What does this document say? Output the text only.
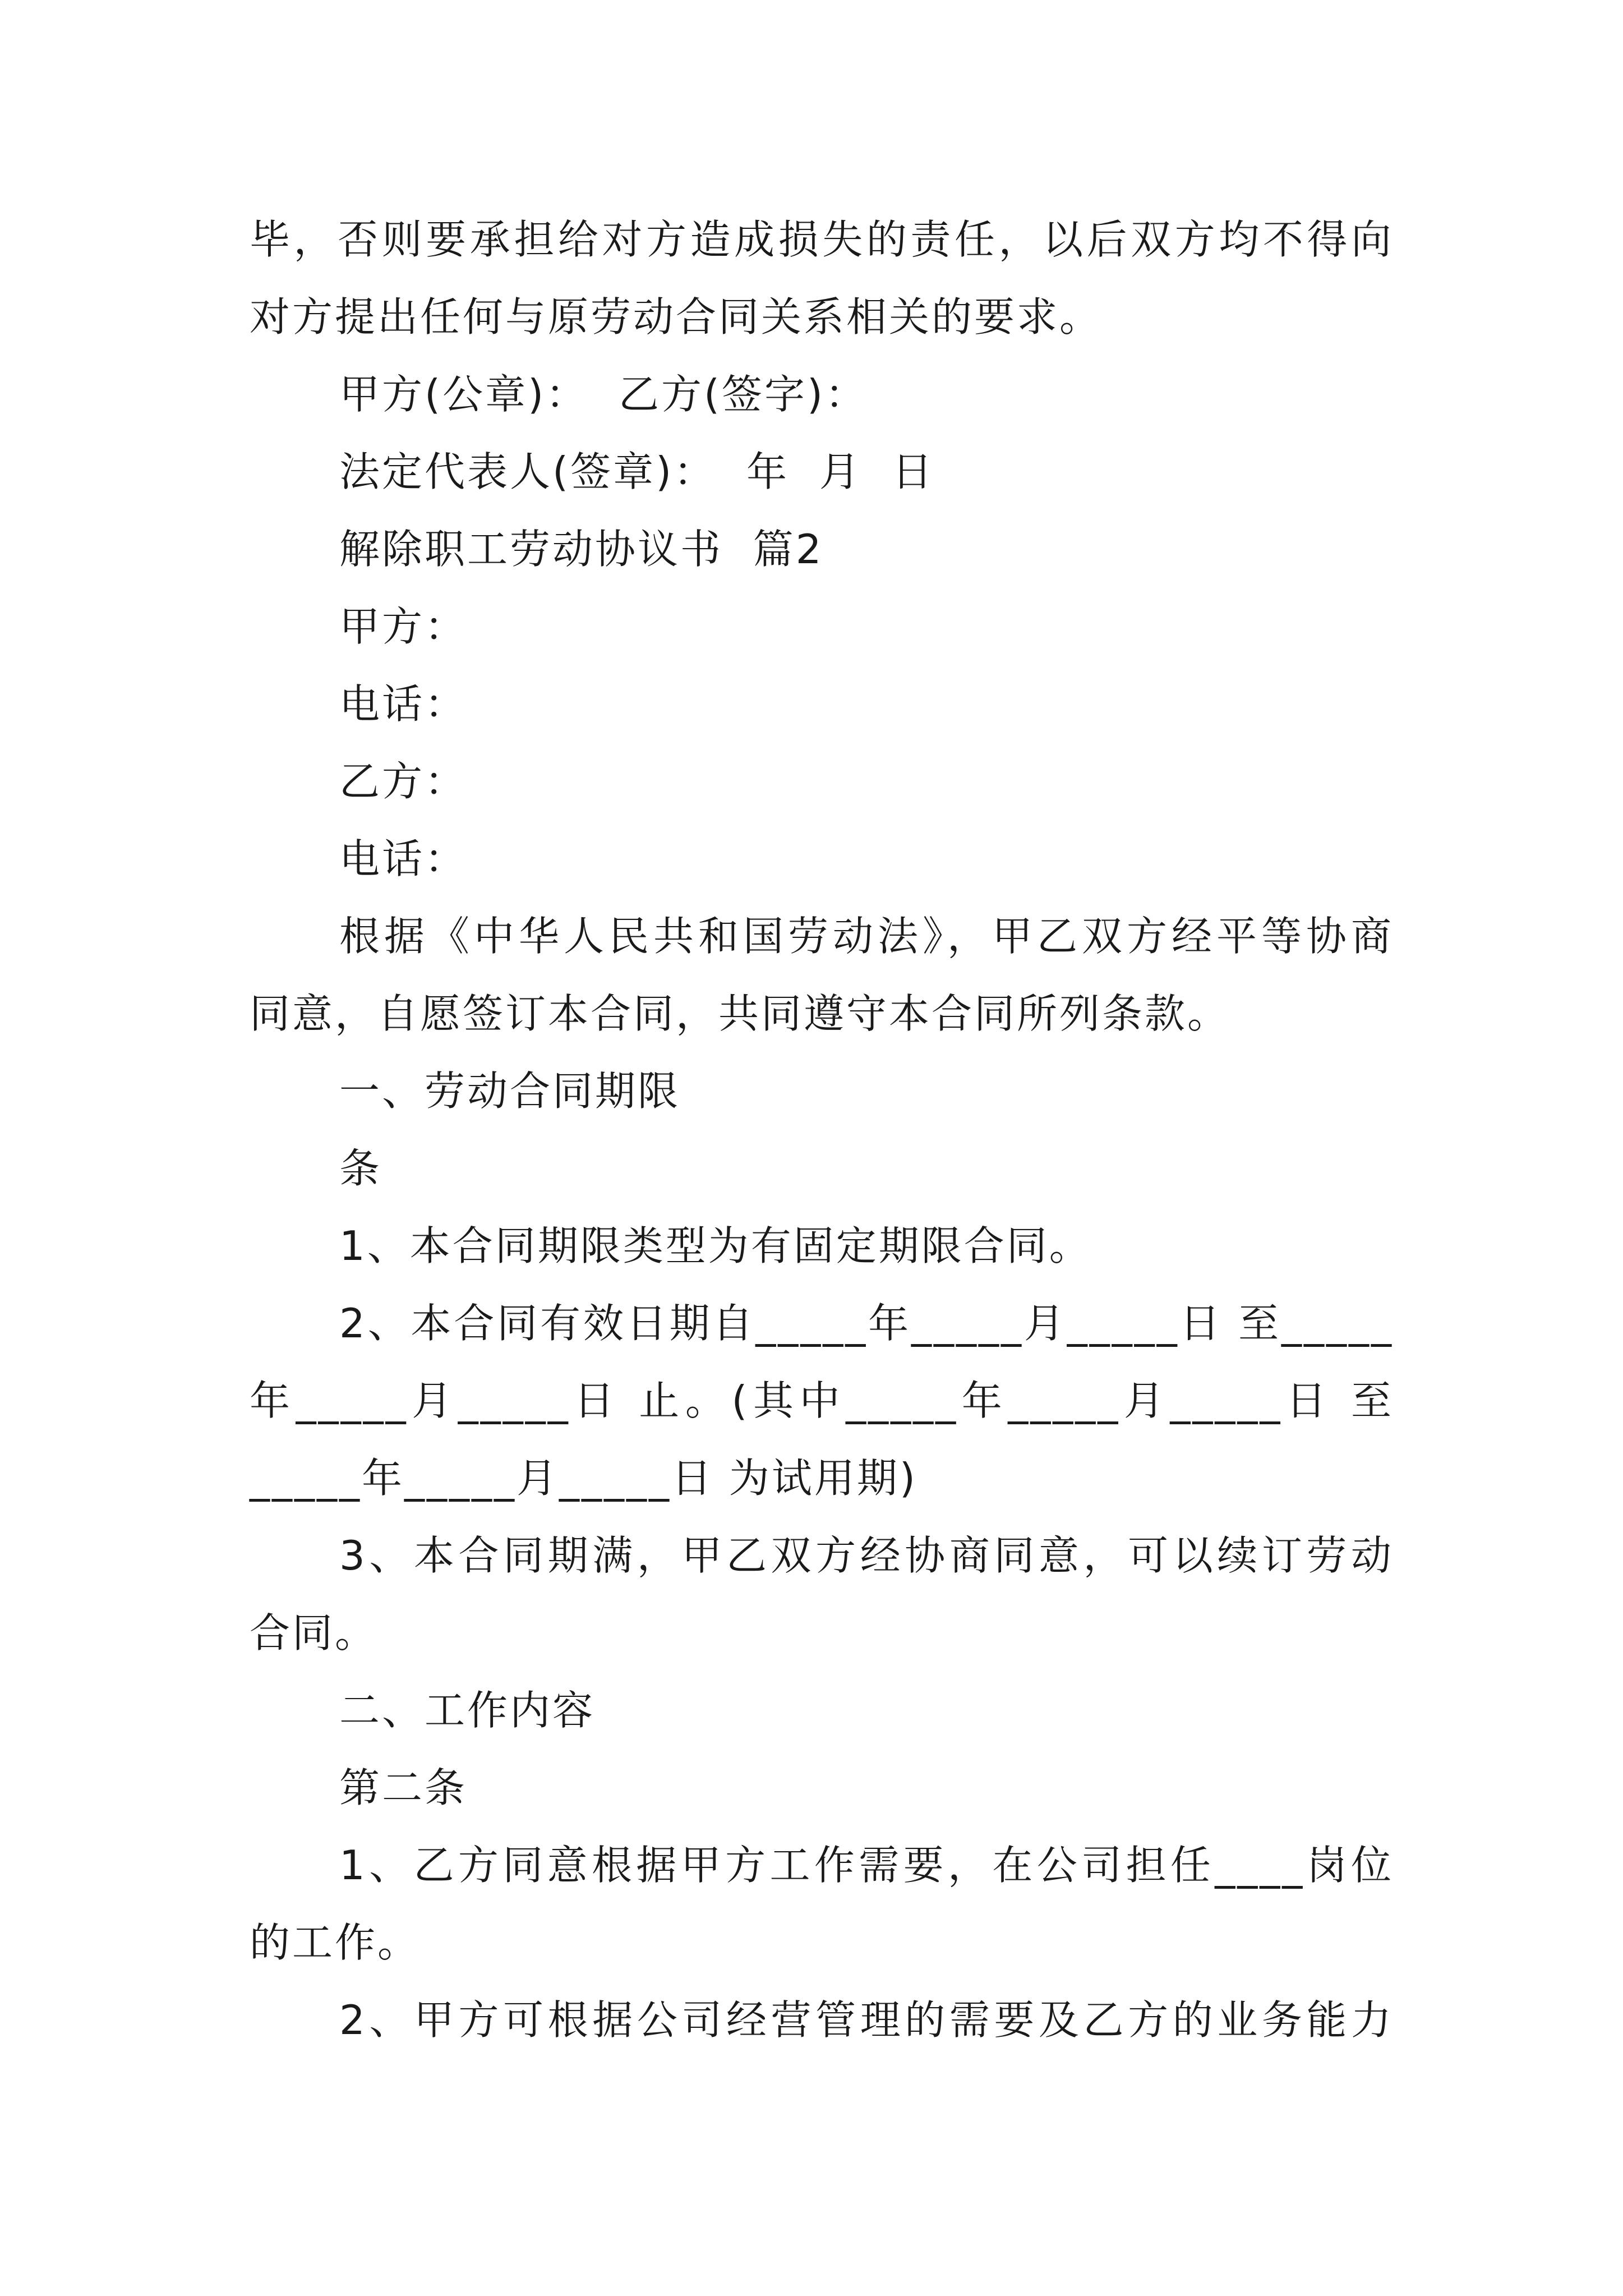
毕，否则要承担给对方造成损失的责任，以后双方均不得向
对方提出任何与原劳动合同关系相关的要求。
甲方(公章)：  乙方(签字)：
法定代表人(签章)：  年  月  日
解除职工劳动协议书  篇2
甲方：
电话：
乙方：
电话：
根据《中华人民共和国劳动法》，甲乙双方经平等协商
同意，自愿签订本合同，共同遵守本合同所列条款。
一、劳动合同期限
条
1、本合同期限类型为有固定期限合同。
2、本合同有效日期自_____年_____月_____日 至_____
年_____月_____日 止。(其中_____年_____月_____日 至
_____年_____月_____日 为试用期)
3、本合同期满，甲乙双方经协商同意，可以续订劳动
合同。
二、工作内容
第二条
1、乙方同意根据甲方工作需要，在公司担任____岗位
的工作。
2、甲方可根据公司经营管理的需要及乙方的业务能力
